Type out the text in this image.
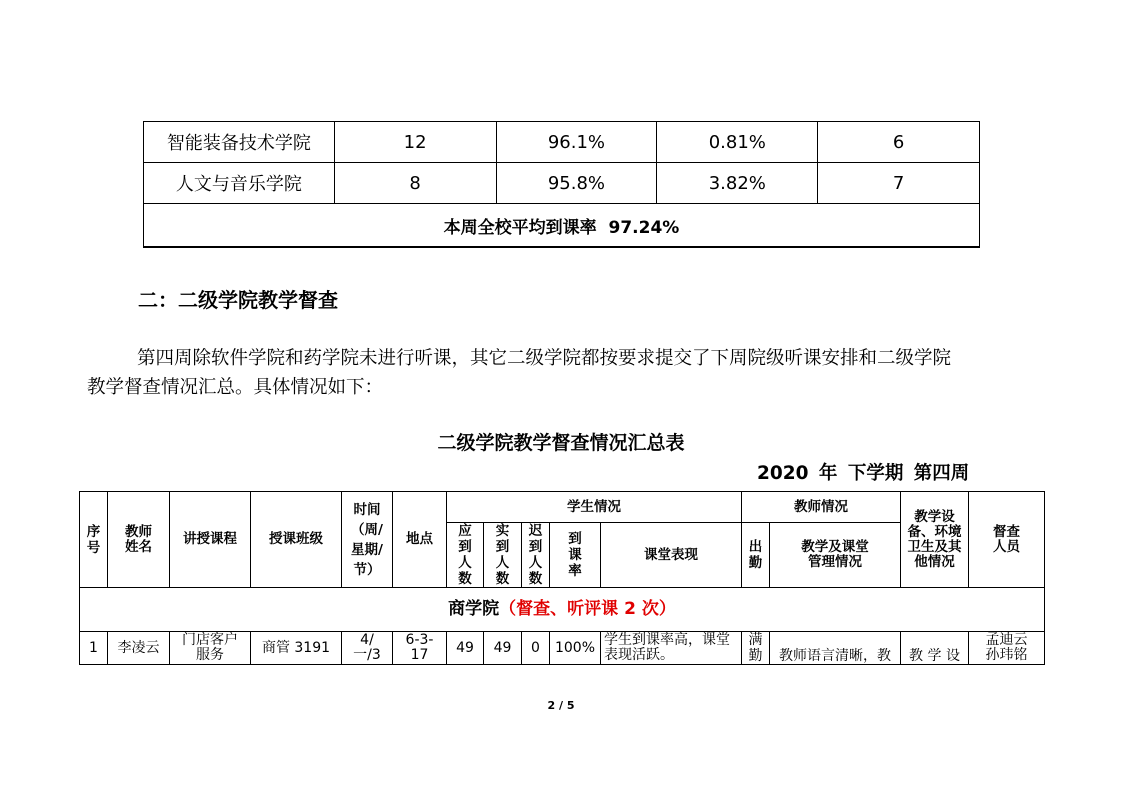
智能装备技术学院	12	96.1%	0.81%	6
人文与音乐学院	8	95.8%	3.82%	7
本周全校平均到课率 97.24%				
二：二级学院教学督查
第四周除软件学院和药学院未进行听课，其它二级学院都按要求提交了下周院级听课安排和二级学院教学督查情况汇总。具体情况如下：
二级学院教学督查情况汇总表
2020 年 下学期 第四周
序号	教师姓名	讲授课程	授课班级	时间（周/星期/节）	地点	学生情况					教师情况		教学设备、环境卫生及其他情况	督查人员
						应到人数	实到人数	迟到人数	到课率	课堂表现	出勤	教学及课堂管理情况		
商学院（督查、听评课 2 次）														
1	李凌云	门店客户服务	商管 3191	4/一/3	6-3-17	49	49	0	100%	学生到课率高，课堂表现活跃。	满勤	教师语言清晰，教	教 学 设	孟迪云孙玮铭
2 / 5
